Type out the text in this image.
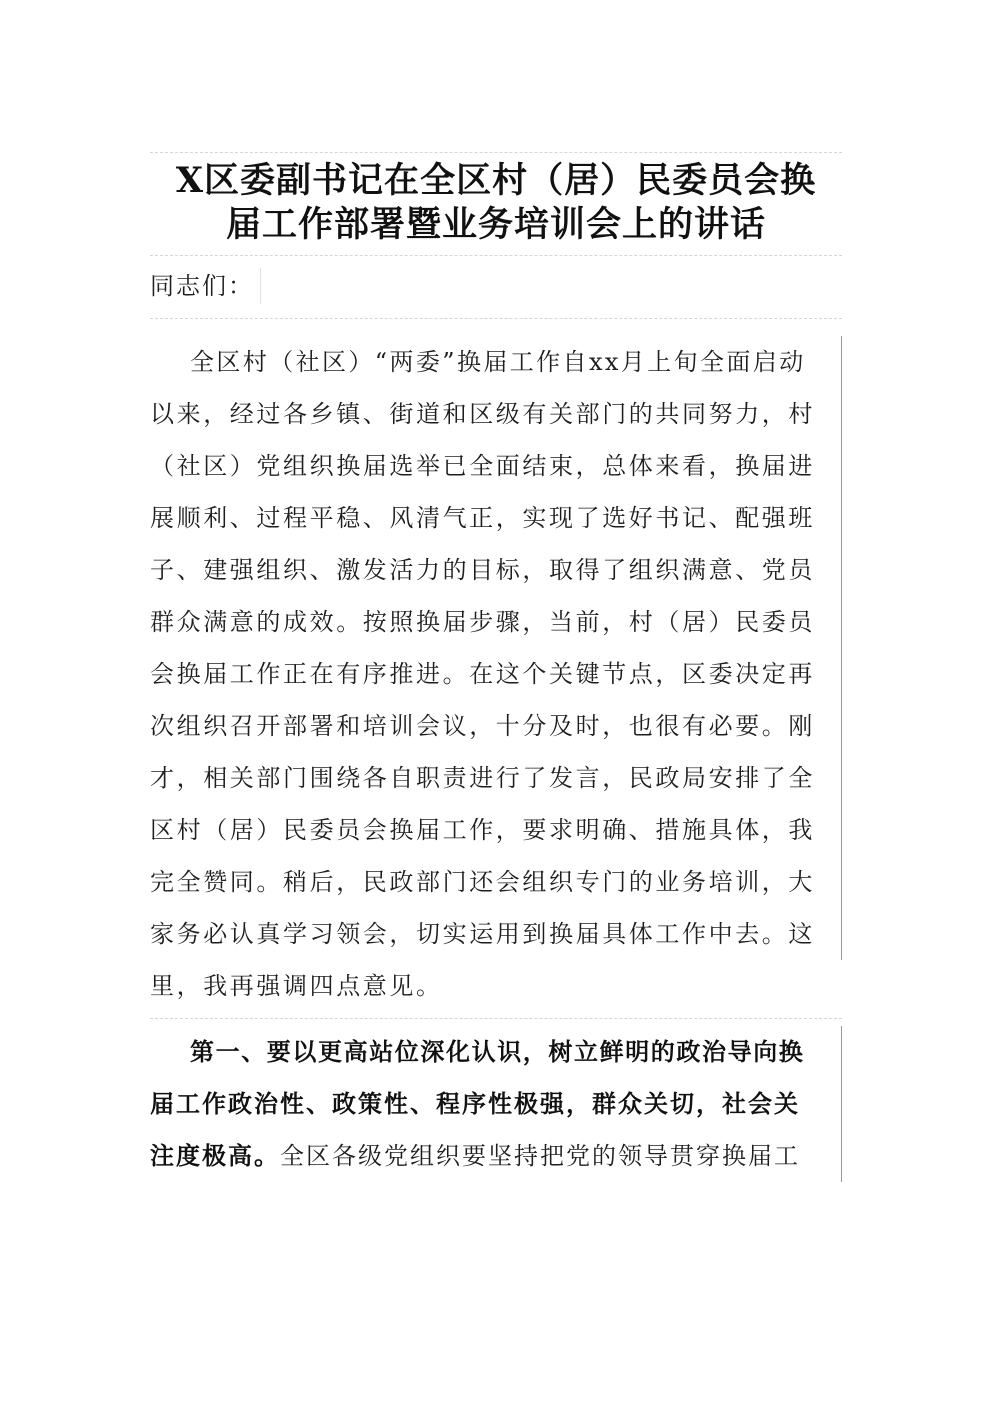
X区委副书记在全区村（居）民委员会换
届工作部署暨业务培训会上的讲话
同志们：
全区村（社区）“两委”换届工作自xx月上旬全面启动
以来，经过各乡镇、街道和区级有关部门的共同努力，村
（社区）党组织换届选举已全面结束，总体来看，换届进
展顺利、过程平稳、风清气正，实现了选好书记、配强班
子、建强组织、激发活力的目标，取得了组织满意、党员
群众满意的成效。按照换届步骤，当前，村（居）民委员
会换届工作正在有序推进。在这个关键节点，区委决定再
次组织召开部署和培训会议，十分及时，也很有必要。刚
才，相关部门围绕各自职责进行了发言，民政局安排了全
区村（居）民委员会换届工作，要求明确、措施具体，我
完全赞同。稍后，民政部门还会组织专门的业务培训，大
家务必认真学习领会，切实运用到换届具体工作中去。这
里，我再强调四点意见。
第一、要以更高站位深化认识，树立鲜明的政治导向换
届工作政治性、政策性、程序性极强，群众关切，社会关
注度极高。全区各级党组织要坚持把党的领导贯穿换届工
